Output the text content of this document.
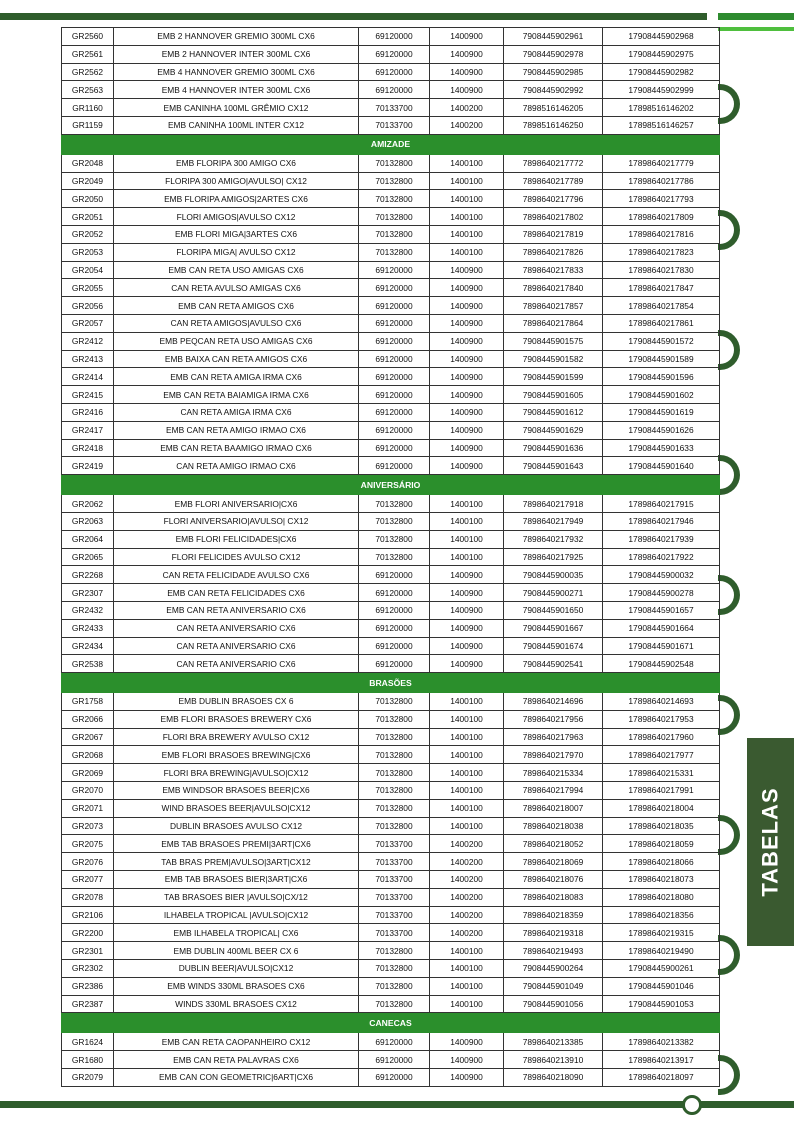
TABELAS
GR2560	EMB 2 HANNOVER GREMIO 300ML CX6	69120000	1400900	7908445902961	17908445902968
GR2561	EMB 2 HANNOVER INTER 300ML CX6	69120000	1400900	7908445902978	17908445902975
GR2562	EMB 4 HANNOVER GREMIO 300ML CX6	69120000	1400900	7908445902985	17908445902982
GR2563	EMB 4 HANNOVER INTER 300ML CX6	69120000	1400900	7908445902992	17908445902999
GR1160	EMB CANINHA 100ML GRÊMIO CX12	70133700	1400200	7898516146205	17898516146202
GR1159	EMB CANINHA 100ML INTER CX12	70133700	1400200	7898516146250	17898516146257
AMIZADE					
GR2048	EMB FLORIPA 300 AMIGO CX6	70132800	1400100	7898640217772	17898640217779
GR2049	FLORIPA 300 AMIGO|AVULSO| CX12	70132800	1400100	7898640217789	17898640217786
GR2050	EMB FLORIPA AMIGOS|2ARTES CX6	70132800	1400100	7898640217796	17898640217793
GR2051	FLORI AMIGOS|AVULSO CX12	70132800	1400100	7898640217802	17898640217809
GR2052	EMB FLORI MIGA|3ARTES CX6	70132800	1400100	7898640217819	17898640217816
GR2053	FLORIPA MIGA| AVULSO CX12	70132800	1400100	7898640217826	17898640217823
GR2054	EMB CAN RETA USO AMIGAS CX6	69120000	1400900	7898640217833	17898640217830
GR2055	CAN RETA AVULSO AMIGAS CX6	69120000	1400900	7898640217840	17898640217847
GR2056	EMB CAN RETA AMIGOS CX6	69120000	1400900	7898640217857	17898640217854
GR2057	CAN RETA AMIGOS|AVULSO CX6	69120000	1400900	7898640217864	17898640217861
GR2412	EMB PEQCAN RETA USO AMIGAS CX6	69120000	1400900	7908445901575	17908445901572
GR2413	EMB BAIXA CAN RETA AMIGOS CX6	69120000	1400900	7908445901582	17908445901589
GR2414	EMB CAN RETA AMIGA IRMA CX6	69120000	1400900	7908445901599	17908445901596
GR2415	EMB CAN RETA BAIAMIGA IRMA CX6	69120000	1400900	7908445901605	17908445901602
GR2416	CAN RETA AMIGA IRMA CX6	69120000	1400900	7908445901612	17908445901619
GR2417	EMB CAN RETA AMIGO IRMAO CX6	69120000	1400900	7908445901629	17908445901626
GR2418	EMB CAN RETA BAAMIGO IRMAO CX6	69120000	1400900	7908445901636	17908445901633
GR2419	CAN RETA AMIGO IRMAO CX6	69120000	1400900	7908445901643	17908445901640
ANIVERSÁRIO					
GR2062	EMB FLORI ANIVERSARIO|CX6	70132800	1400100	7898640217918	17898640217915
GR2063	FLORI ANIVERSARIO|AVULSO| CX12	70132800	1400100	7898640217949	17898640217946
GR2064	EMB FLORI FELICIDADES|CX6	70132800	1400100	7898640217932	17898640217939
GR2065	FLORI FELICIDES AVULSO CX12	70132800	1400100	7898640217925	17898640217922
GR2268	CAN RETA FELICIDADE AVULSO CX6	69120000	1400900	7908445900035	17908445900032
GR2307	EMB CAN RETA FELICIDADES CX6	69120000	1400900	7908445900271	17908445900278
GR2432	EMB CAN RETA ANIVERSARIO CX6	69120000	1400900	7908445901650	17908445901657
GR2433	CAN RETA ANIVERSARIO CX6	69120000	1400900	7908445901667	17908445901664
GR2434	CAN RETA ANIVERSARIO CX6	69120000	1400900	7908445901674	17908445901671
GR2538	CAN RETA ANIVERSARIO CX6	69120000	1400900	7908445902541	17908445902548
BRASÕES					
GR1758	EMB DUBLIN BRASOES CX 6	70132800	1400100	7898640214696	17898640214693
GR2066	EMB FLORI BRASOES BREWERY CX6	70132800	1400100	7898640217956	17898640217953
GR2067	FLORI BRA BREWERY AVULSO CX12	70132800	1400100	7898640217963	17898640217960
GR2068	EMB FLORI BRASOES BREWING|CX6	70132800	1400100	7898640217970	17898640217977
GR2069	FLORI BRA BREWING|AVULSO|CX12	70132800	1400100	7898640215334	17898640215331
GR2070	EMB WINDSOR BRASOES BEER|CX6	70132800	1400100	7898640217994	17898640217991
GR2071	WIND BRASOES BEER|AVULSO|CX12	70132800	1400100	7898640218007	17898640218004
GR2073	DUBLIN BRASOES AVULSO CX12	70132800	1400100	7898640218038	17898640218035
GR2075	EMB TAB BRASOES PREMI|3ART|CX6	70133700	1400200	7898640218052	17898640218059
GR2076	TAB BRAS PREM|AVULSO|3ART|CX12	70133700	1400200	7898640218069	17898640218066
GR2077	EMB TAB BRASOES BIER|3ART|CX6	70133700	1400200	7898640218076	17898640218073
GR2078	TAB BRASOES BIER |AVULSO|CX/12	70133700	1400200	7898640218083	17898640218080
GR2106	ILHABELA TROPICAL |AVULSO|CX12	70133700	1400200	7898640218359	17898640218356
GR2200	EMB ILHABELA TROPICAL| CX6	70133700	1400200	7898640219318	17898640219315
GR2301	EMB DUBLIN 400ML BEER CX 6	70132800	1400100	7898640219493	17898640219490
GR2302	DUBLIN BEER|AVULSO|CX12	70132800	1400100	7908445900264	17908445900261
GR2386	EMB WINDS 330ML BRASOES CX6	70132800	1400100	7908445901049	17908445901046
GR2387	WINDS 330ML BRASOES CX12	70132800	1400100	7908445901056	17908445901053
CANECAS					
GR1624	EMB CAN RETA CAOPANHEIRO CX12	69120000	1400900	7898640213385	17898640213382
GR1680	EMB CAN RETA PALAVRAS CX6	69120000	1400900	7898640213910	17898640213917
GR2079	EMB CAN CON GEOMETRIC|6ART|CX6	69120000	1400900	7898640218090	17898640218097
